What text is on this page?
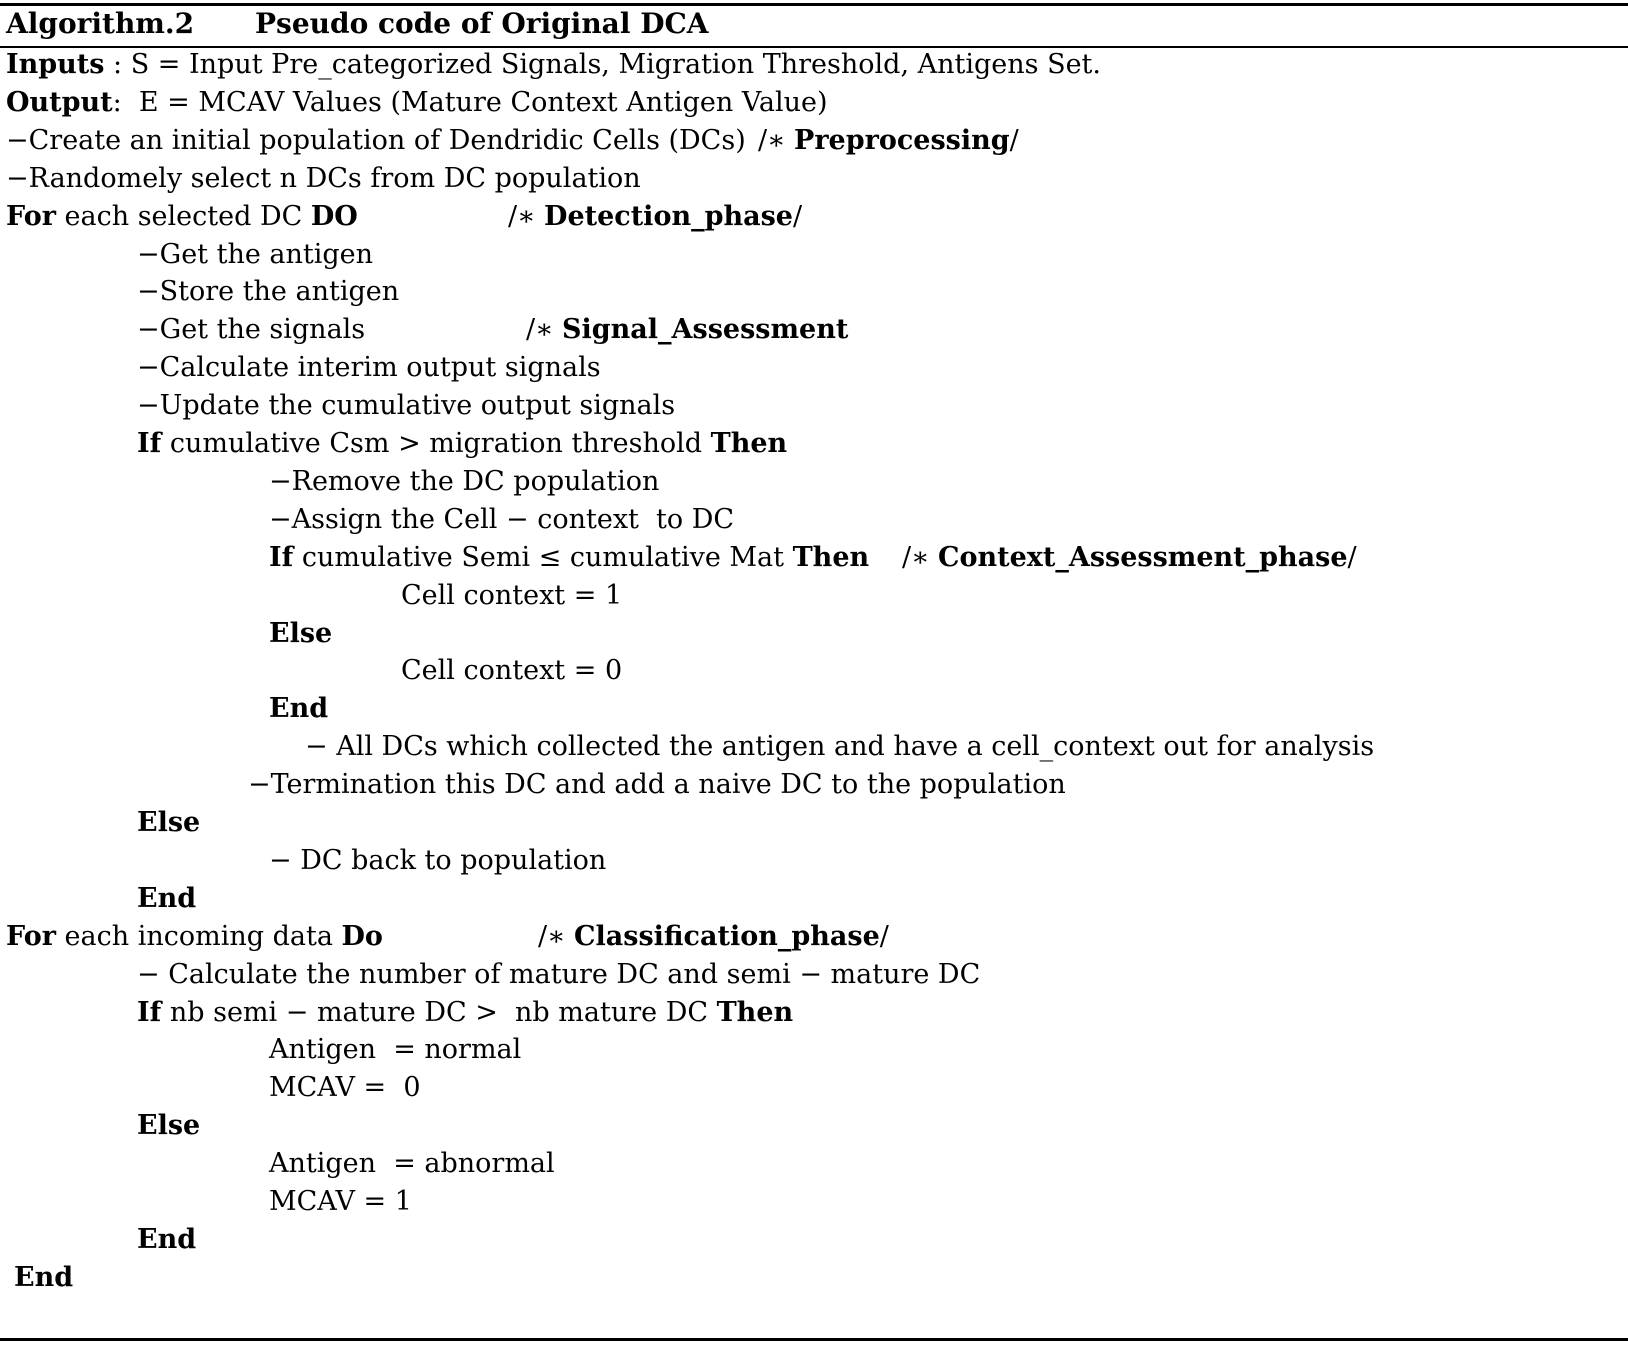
Algorithm.2 Pseudo code of Original DCA
Inputs : S = Input Pre_categorized Signals, Migration Threshold, Antigens Set.
Output:  E = MCAV Values (Mature Context Antigen Value)
−Create an initial population of Dendridic Cells (DCs) /∗ Preprocessing/
−Randomely select n DCs from DC population
For each selected DC DO	/∗ Detection_phase/
−Get the antigen
−Store the antigen
−Get the signals	/∗ Signal_Assessment
−Calculate interim output signals
−Update the cumulative output signals
If cumulative Csm > migration threshold Then
−Remove the DC population
−Assign the Cell − context  to DC
If cumulative Semi ≤ cumulative Mat Then /∗ Context_Assessment_phase/
Cell context = 1
Else
Cell context = 0
End
− All DCs which collected the antigen and have a cell_context out for analysis
−Termination this DC and add a naive DC to the population
Else
− DC back to population
End
For each incoming data Do	/∗ Classification_phase/
− Calculate the number of mature DC and semi − mature DC
If nb semi − mature DC >  nb mature DC Then
Antigen  = normal
MCAV =  0
Else
Antigen  = abnormal
MCAV = 1
End
End
